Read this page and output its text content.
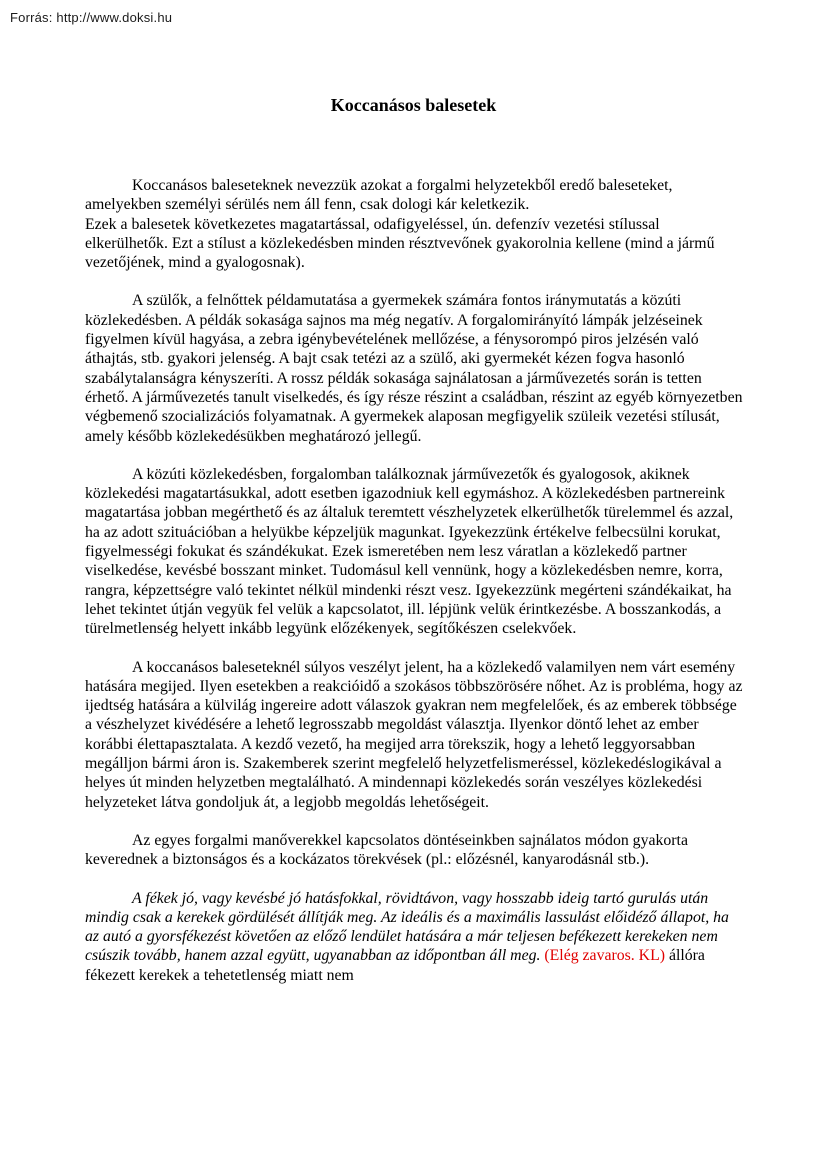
Forrás: http://www.doksi.hu
Koccanásos balesetek

Koccanásos baleseteknek nevezzük azokat a forgalmi helyzetekből eredő baleseteket, amelyekben személyi sérülés nem áll fenn, csak dologi kár keletkezik.

Ezek a balesetek következetes magatartással, odafigyeléssel, ún. defenzív vezetési stílussal elkerülhetők. Ezt a stílust a közlekedésben minden résztvevőnek gyakorolnia kellene (mind a jármű vezetőjének, mind a gyalogosnak).

A szülők, a felnőttek példamutatása a gyermekek számára fontos iránymutatás a közúti közlekedésben. A példák sokasága sajnos ma még negatív. A forgalomirányító lámpák jelzéseinek figyelmen kívül hagyása, a zebra igénybevételének mellőzése, a fénysorompó piros jelzésén való áthajtás, stb. gyakori jelenség. A bajt csak tetézi az a szülő, aki gyermekét kézen fogva hasonló szabálytalanságra kényszeríti. A rossz példák sokasága sajnálatosan a járművezetés során is tetten érhető. A járművezetés tanult viselkedés, és így része részint a családban, részint az egyéb környezetben végbemenő szocializációs folyamatnak. A gyermekek alaposan megfigyelik szüleik vezetési stílusát, amely később közlekedésükben meghatározó jellegű.

A közúti közlekedésben, forgalomban találkoznak járművezetők és gyalogosok, akiknek közlekedési magatartásukkal, adott esetben igazodniuk kell egymáshoz. A közlekedésben partnereink magatartása jobban megérthető és az általuk teremtett vészhelyzetek elkerülhetők türelemmel és azzal, ha az adott szituációban a helyükbe képzeljük magunkat. Igyekezzünk értékelve felbecsülni korukat, figyelmességi fokukat és szándékukat. Ezek ismeretében nem lesz váratlan a közlekedő partner viselkedése, kevésbé bosszant minket. Tudomásul kell vennünk, hogy a közlekedésben nemre, korra, rangra, képzettségre való tekintet nélkül mindenki részt vesz. Igyekezzünk megérteni szándékaikat, ha lehet tekintet útján vegyük fel velük a kapcsolatot, ill. lépjünk velük érintkezésbe. A bosszankodás, a türelmetlenség helyett inkább legyünk előzékenyek, segítőkészen cselekvőek.

A koccanásos baleseteknél súlyos veszélyt jelent, ha a közlekedő valamilyen nem várt esemény hatására megijed. Ilyen esetekben a reakcióidő a szokásos többszörösére nőhet. Az is probléma, hogy az ijedtség hatására a külvilág ingereire adott válaszok gyakran nem megfelelőek, és az emberek többsége a vészhelyzet kivédésére a lehető legrosszabb megoldást választja. Ilyenkor döntő lehet az ember korábbi élettapasztalata. A kezdő vezető, ha megijed arra törekszik, hogy a lehető leggyorsabban megálljon bármi áron is. Szakemberek szerint megfelelő helyzetfelismeréssel, közlekedéslogikával a helyes út minden helyzetben megtalálható. A mindennapi közlekedés során veszélyes közlekedési helyzeteket látva gondoljuk át, a legjobb megoldás lehetőségeit.

Az egyes forgalmi manőverekkel kapcsolatos döntéseinkben sajnálatos módon gyakorta keverednek a biztonságos és a kockázatos törekvések (pl.: előzésnél, kanyarodásnál stb.).

A fékek jó, vagy kevésbé jó hatásfokkal, rövidtávon, vagy hosszabb ideig tartó gurulás után mindig csak a kerekek gördülését állítják meg. Az ideális és a maximális lassulást előidéző állapot, ha az autó a gyorsfékezést követően az előző lendület hatására a már teljesen befékezett kerekeken nem csúszik tovább, hanem azzal együtt, ugyanabban az időpontban áll meg. (Elég zavaros. KL) állóra fékezett kerekek a tehetetlenség miatt nem
